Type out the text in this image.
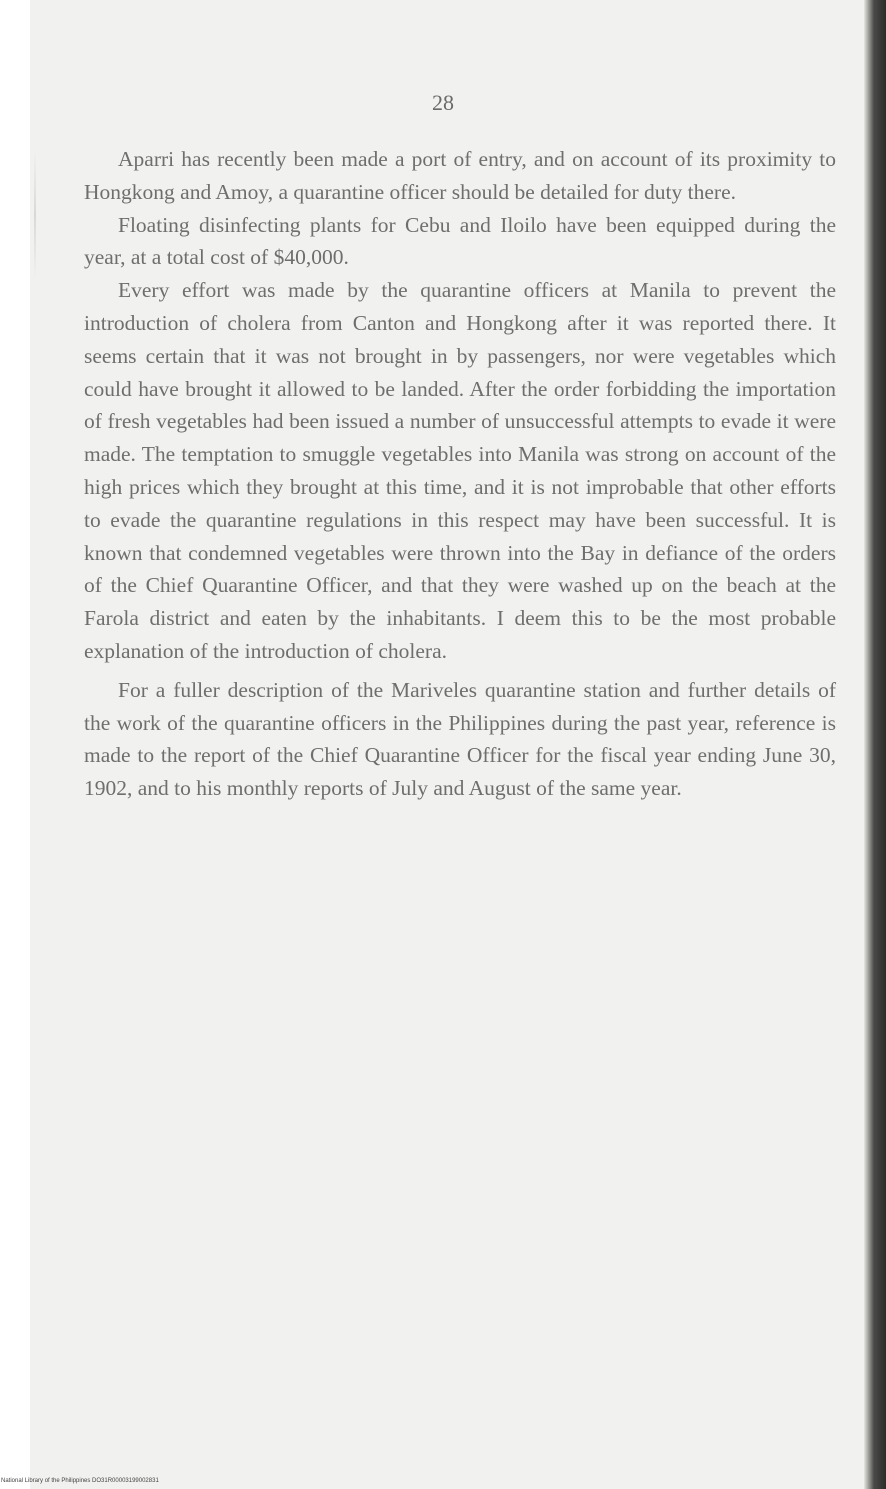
28

Aparri has recently been made a port of entry, and on account of its proximity to Hongkong and Amoy, a quarantine officer should be detailed for duty there.

Floating disinfecting plants for Cebu and Iloilo have been equipped during the year, at a total cost of $40,000.

Every effort was made by the quarantine officers at Manila to prevent the introduction of cholera from Canton and Hongkong after it was reported there. It seems certain that it was not brought in by passengers, nor were vegetables which could have brought it allowed to be landed. After the order forbidding the importation of fresh vegetables had been issued a number of unsuccessful attempts to evade it were made. The temptation to smuggle vegetables into Manila was strong on account of the high prices which they brought at this time, and it is not improbable that other efforts to evade the quarantine regulations in this respect may have been successful. It is known that condemned vegetables were thrown into the Bay in defiance of the orders of the Chief Quarantine Officer, and that they were washed up on the beach at the Farola district and eaten by the inhabitants. I deem this to be the most probable explanation of the introduction of cholera.

For a fuller description of the Mariveles quarantine station and further details of the work of the quarantine officers in the Philippines during the past year, reference is made to the report of the Chief Quarantine Officer for the fiscal year ending June 30, 1902, and to his monthly reports of July and August of the same year.

National Library of the Philippines DO31R00003199002831
